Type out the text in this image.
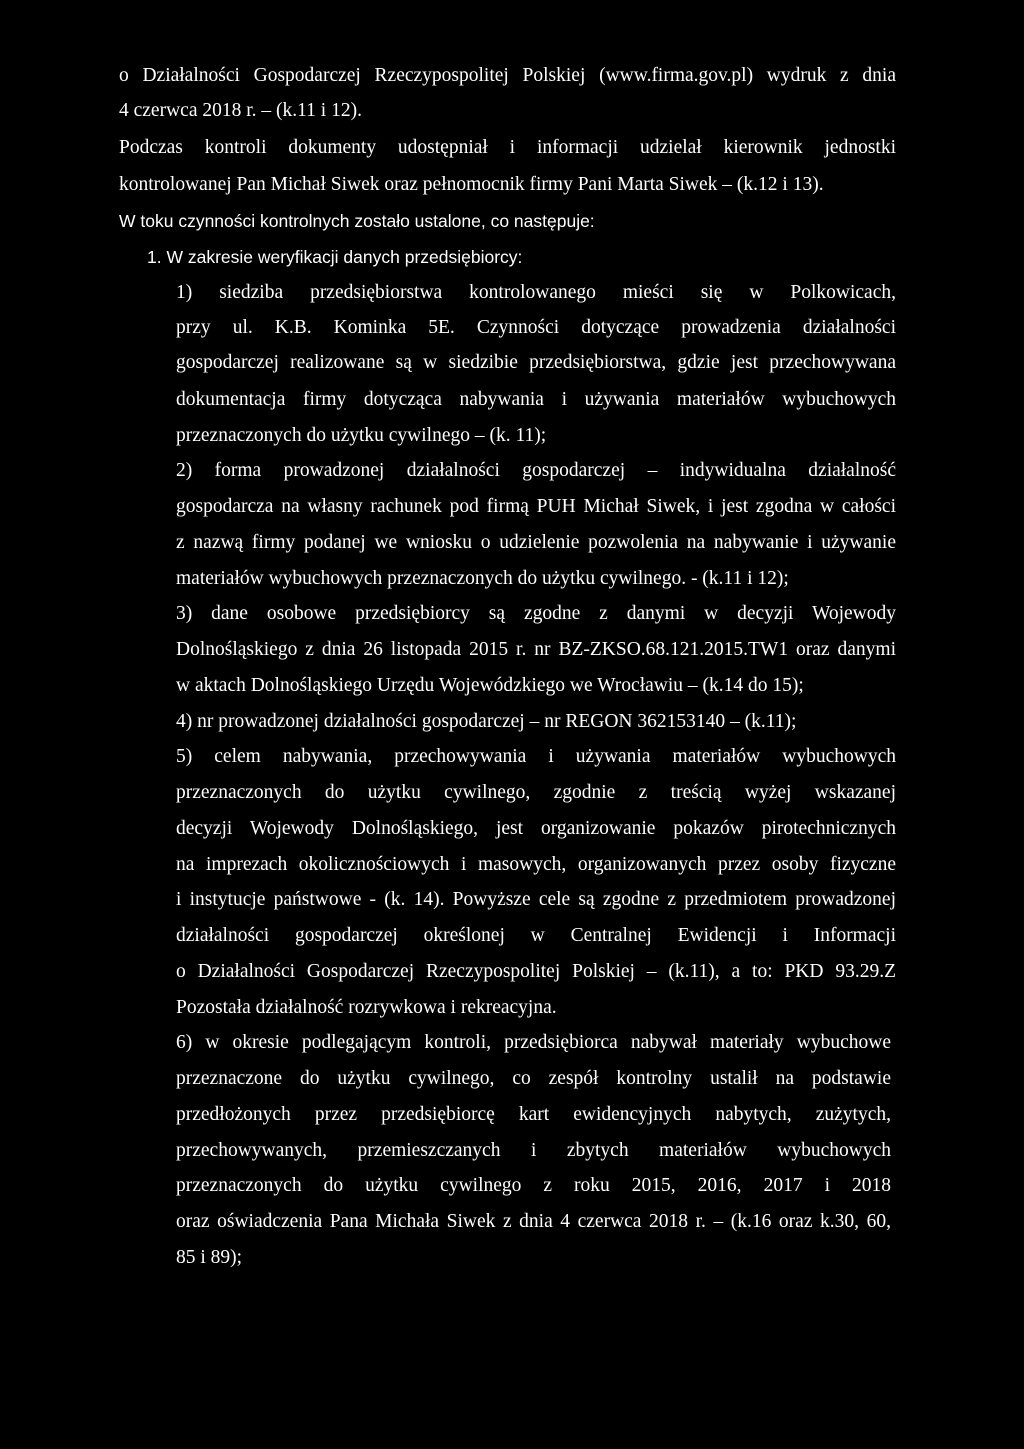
o Działalności Gospodarczej Rzeczypospolitej Polskiej (www.firma.gov.pl) wydruk z dnia

4 czerwca 2018 r. – (k.11 i 12).

Podczas kontroli dokumenty udostępniał i informacji udzielał kierownik jednostki

kontrolowanej Pan Michał Siwek oraz pełnomocnik firmy Pani Marta Siwek – (k.12 i 13).

W toku czynności kontrolnych zostało ustalone, co następuje:

1. W zakresie weryfikacji danych przedsiębiorcy:

1) siedziba przedsiębiorstwa kontrolowanego mieści się w Polkowicach,

przy ul. K.B. Kominka 5E. Czynności dotyczące prowadzenia działalności

gospodarczej realizowane są w siedzibie przedsiębiorstwa, gdzie jest przechowywana

dokumentacja firmy dotycząca nabywania i używania materiałów wybuchowych

przeznaczonych do użytku cywilnego – (k. 11);

2) forma prowadzonej działalności gospodarczej – indywidualna działalność

gospodarcza na własny rachunek pod firmą PUH Michał Siwek, i jest zgodna w całości

z nazwą firmy podanej we wniosku o udzielenie pozwolenia na nabywanie i używanie

materiałów wybuchowych przeznaczonych do użytku cywilnego. - (k.11 i 12);

3) dane osobowe przedsiębiorcy są zgodne z danymi w decyzji Wojewody

Dolnośląskiego z dnia 26 listopada 2015 r. nr BZ-ZKSO.68.121.2015.TW1 oraz danymi

w aktach Dolnośląskiego Urzędu Wojewódzkiego we Wrocławiu – (k.14 do 15);

4) nr prowadzonej działalności gospodarczej – nr REGON 362153140 – (k.11);

5) celem nabywania, przechowywania i używania materiałów wybuchowych

przeznaczonych do użytku cywilnego, zgodnie z treścią wyżej wskazanej

decyzji Wojewody Dolnośląskiego, jest organizowanie pokazów pirotechnicznych

na imprezach okolicznościowych i masowych, organizowanych przez osoby fizyczne

i instytucje państwowe - (k. 14). Powyższe cele są zgodne z przedmiotem prowadzonej

działalności gospodarczej określonej w Centralnej Ewidencji i Informacji

o Działalności Gospodarczej Rzeczypospolitej Polskiej – (k.11), a to: PKD 93.29.Z

Pozostała działalność rozrywkowa i rekreacyjna.

6) w okresie podlegającym kontroli, przedsiębiorca nabywał materiały wybuchowe

przeznaczone do użytku cywilnego, co zespół kontrolny ustalił na podstawie

przedłożonych przez przedsiębiorcę kart ewidencyjnych nabytych, zużytych,

przechowywanych, przemieszczanych i zbytych materiałów wybuchowych

przeznaczonych do użytku cywilnego z roku 2015, 2016, 2017 i 2018

oraz oświadczenia Pana Michała Siwek z dnia 4 czerwca 2018 r. – (k.16 oraz k.30, 60,

85 i 89);
